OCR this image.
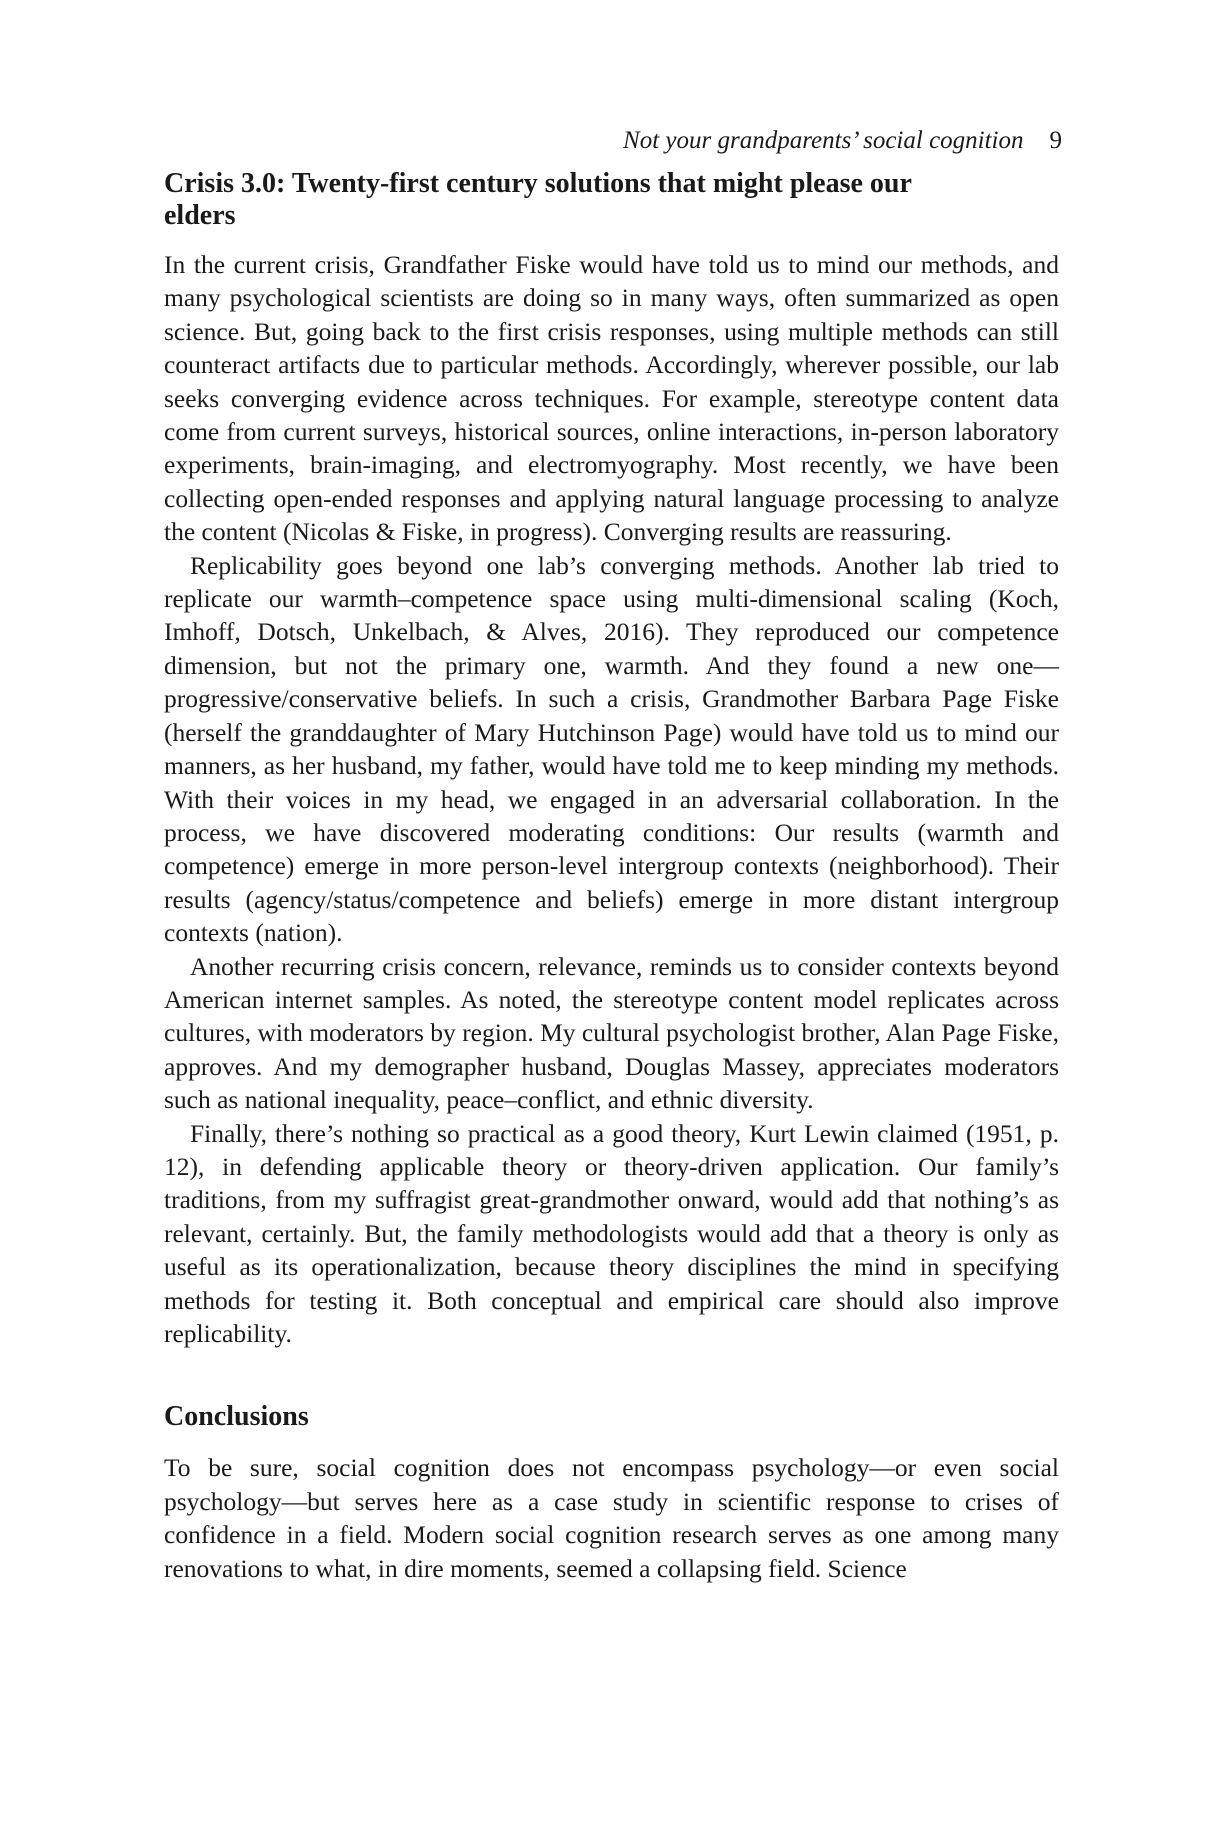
Not your grandparents’ social cognition 9
Crisis 3.0: Twenty-first century solutions that might please our elders

In the current crisis, Grandfather Fiske would have told us to mind our methods, and many psychological scientists are doing so in many ways, often summarized as open science. But, going back to the first crisis responses, using multiple methods can still counteract artifacts due to particular methods. Accordingly, wherever possible, our lab seeks converging evidence across techniques. For example, stereotype content data come from current surveys, historical sources, online interactions, in-person laboratory experiments, brain-imaging, and electromyography. Most recently, we have been collecting open-ended responses and applying natural language processing to analyze the content (Nicolas & Fiske, in progress). Converging results are reassuring.

Replicability goes beyond one lab’s converging methods. Another lab tried to replicate our warmth–competence space using multi-dimensional scaling (Koch, Imhoff, Dotsch, Unkelbach, & Alves, 2016). They reproduced our competence dimension, but not the primary one, warmth. And they found a new one—progressive/conservative beliefs. In such a crisis, Grandmother Barbara Page Fiske (herself the granddaughter of Mary Hutchinson Page) would have told us to mind our manners, as her husband, my father, would have told me to keep minding my methods. With their voices in my head, we engaged in an adversarial collaboration. In the process, we have discovered moderating conditions: Our results (warmth and competence) emerge in more person-level intergroup contexts (neighborhood). Their results (agency/status/competence and beliefs) emerge in more distant intergroup contexts (nation).

Another recurring crisis concern, relevance, reminds us to consider contexts beyond American internet samples. As noted, the stereotype content model replicates across cultures, with moderators by region. My cultural psychologist brother, Alan Page Fiske, approves. And my demographer husband, Douglas Massey, appreciates moderators such as national inequality, peace–conflict, and ethnic diversity.

Finally, there’s nothing so practical as a good theory, Kurt Lewin claimed (1951, p. 12), in defending applicable theory or theory-driven application. Our family’s traditions, from my suffragist great-grandmother onward, would add that nothing’s as relevant, certainly. But, the family methodologists would add that a theory is only as useful as its operationalization, because theory disciplines the mind in specifying methods for testing it. Both conceptual and empirical care should also improve replicability.

Conclusions

To be sure, social cognition does not encompass psychology—or even social psychology—but serves here as a case study in scientific response to crises of confidence in a field. Modern social cognition research serves as one among many renovations to what, in dire moments, seemed a collapsing field. Science
